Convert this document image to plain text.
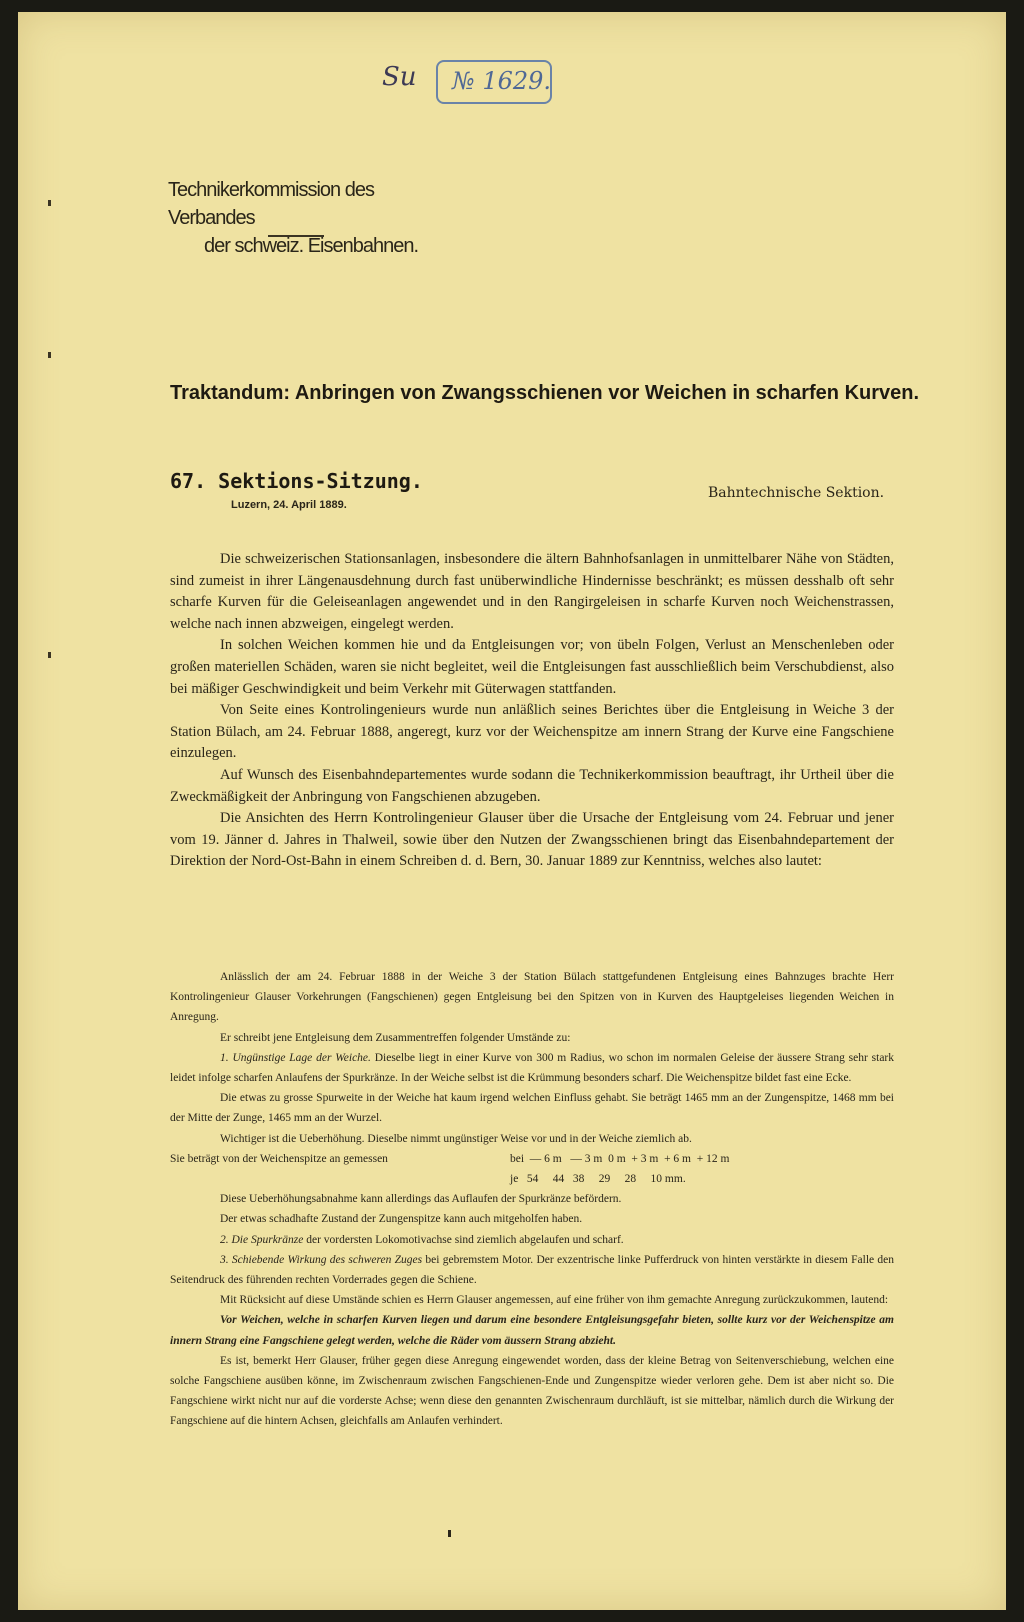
Su № 1629.
Technikerkommission des Verbandes
der schweiz. Eisenbahnen.
Traktandum: Anbringen von Zwangsschienen vor Weichen in scharfen Kurven.
67. Sektions-Sitzung.
Luzern, 24. April 1889.
Bahntechnische Sektion.

Die schweizerischen Stationsanlagen, insbesondere die ältern Bahnhofsanlagen in unmittelbarer Nähe von Städten, sind zumeist in ihrer Längenausdehnung durch fast unüberwindliche Hindernisse beschränkt; es müssen desshalb oft sehr scharfe Kurven für die Geleiseanlagen angewendet und in den Rangirgeleisen in scharfe Kurven noch Weichenstrassen, welche nach innen abzweigen, eingelegt werden.

In solchen Weichen kommen hie und da Entgleisungen vor; von übeln Folgen, Verlust an Menschenleben oder großen materiellen Schäden, waren sie nicht begleitet, weil die Entgleisungen fast ausschließlich beim Verschubdienst, also bei mäßiger Geschwindigkeit und beim Verkehr mit Güterwagen stattfanden.

Von Seite eines Kontrolingenieurs wurde nun anläßlich seines Berichtes über die Entgleisung in Weiche 3 der Station Bülach, am 24. Februar 1888, angeregt, kurz vor der Weichenspitze am innern Strang der Kurve eine Fangschiene einzulegen.

Auf Wunsch des Eisenbahndepartementes wurde sodann die Technikerkommission beauftragt, ihr Urtheil über die Zweckmäßigkeit der Anbringung von Fangschienen abzugeben.

Die Ansichten des Herrn Kontrolingenieur Glauser über die Ursache der Entgleisung vom 24. Februar und jener vom 19. Jänner d. Jahres in Thalweil, sowie über den Nutzen der Zwangsschienen bringt das Eisenbahndepartement der Direktion der Nord-Ost-Bahn in einem Schreiben d. d. Bern, 30. Januar 1889 zur Kenntniss, welches also lautet:

Anlässlich der am 24. Februar 1888 in der Weiche 3 der Station Bülach stattgefundenen Entgleisung eines Bahnzuges brachte Herr Kontrolingenieur Glauser Vorkehrungen (Fangschienen) gegen Entgleisung bei den Spitzen von in Kurven des Hauptgeleises liegenden Weichen in Anregung.

Er schreibt jene Entgleisung dem Zusammentreffen folgender Umstände zu:

1. Ungünstige Lage der Weiche. Dieselbe liegt in einer Kurve von 300 m Radius, wo schon im normalen Geleise der äussere Strang sehr stark leidet infolge scharfen Anlaufens der Spurkränze. In der Weiche selbst ist die Krümmung besonders scharf. Die Weichenspitze bildet fast eine Ecke.

Die etwas zu grosse Spurweite in der Weiche hat kaum irgend welchen Einfluss gehabt. Sie beträgt 1465 mm an der Zungenspitze, 1468 mm bei der Mitte der Zunge, 1465 mm an der Wurzel.

Wichtiger ist die Ueberhöhung. Dieselbe nimmt ungünstiger Weise vor und in der Weiche ziemlich ab.

Sie beträgt von der Weichenspitze an gemessen	bei  — 6 m   — 3 m  0 m  + 3 m  + 6 m  + 12 m
je   54     44   38     29     28     10 mm.

Diese Ueberhöhungsabnahme kann allerdings das Auflaufen der Spurkränze befördern.

Der etwas schadhafte Zustand der Zungenspitze kann auch mitgeholfen haben.

2. Die Spurkränze der vordersten Lokomotivachse sind ziemlich abgelaufen und scharf.

3. Schiebende Wirkung des schweren Zuges bei gebremstem Motor. Der exzentrische linke Pufferdruck von hinten verstärkte in diesem Falle den Seitendruck des führenden rechten Vorderrades gegen die Schiene.

Mit Rücksicht auf diese Umstände schien es Herrn Glauser angemessen, auf eine früher von ihm gemachte Anregung zurückzukommen, lautend:

Vor Weichen, welche in scharfen Kurven liegen und darum eine besondere Entgleisungsgefahr bieten, sollte kurz vor der Weichenspitze am innern Strang eine Fangschiene gelegt werden, welche die Räder vom äussern Strang abzieht.

Es ist, bemerkt Herr Glauser, früher gegen diese Anregung eingewendet worden, dass der kleine Betrag von Seitenverschiebung, welchen eine solche Fangschiene ausüben könne, im Zwischenraum zwischen Fangschienen-Ende und Zungenspitze wieder verloren gehe. Dem ist aber nicht so. Die Fangschiene wirkt nicht nur auf die vorderste Achse; wenn diese den genannten Zwischenraum durchläuft, ist sie mittelbar, nämlich durch die Wirkung der Fangschiene auf die hintern Achsen, gleichfalls am Anlaufen verhindert.
